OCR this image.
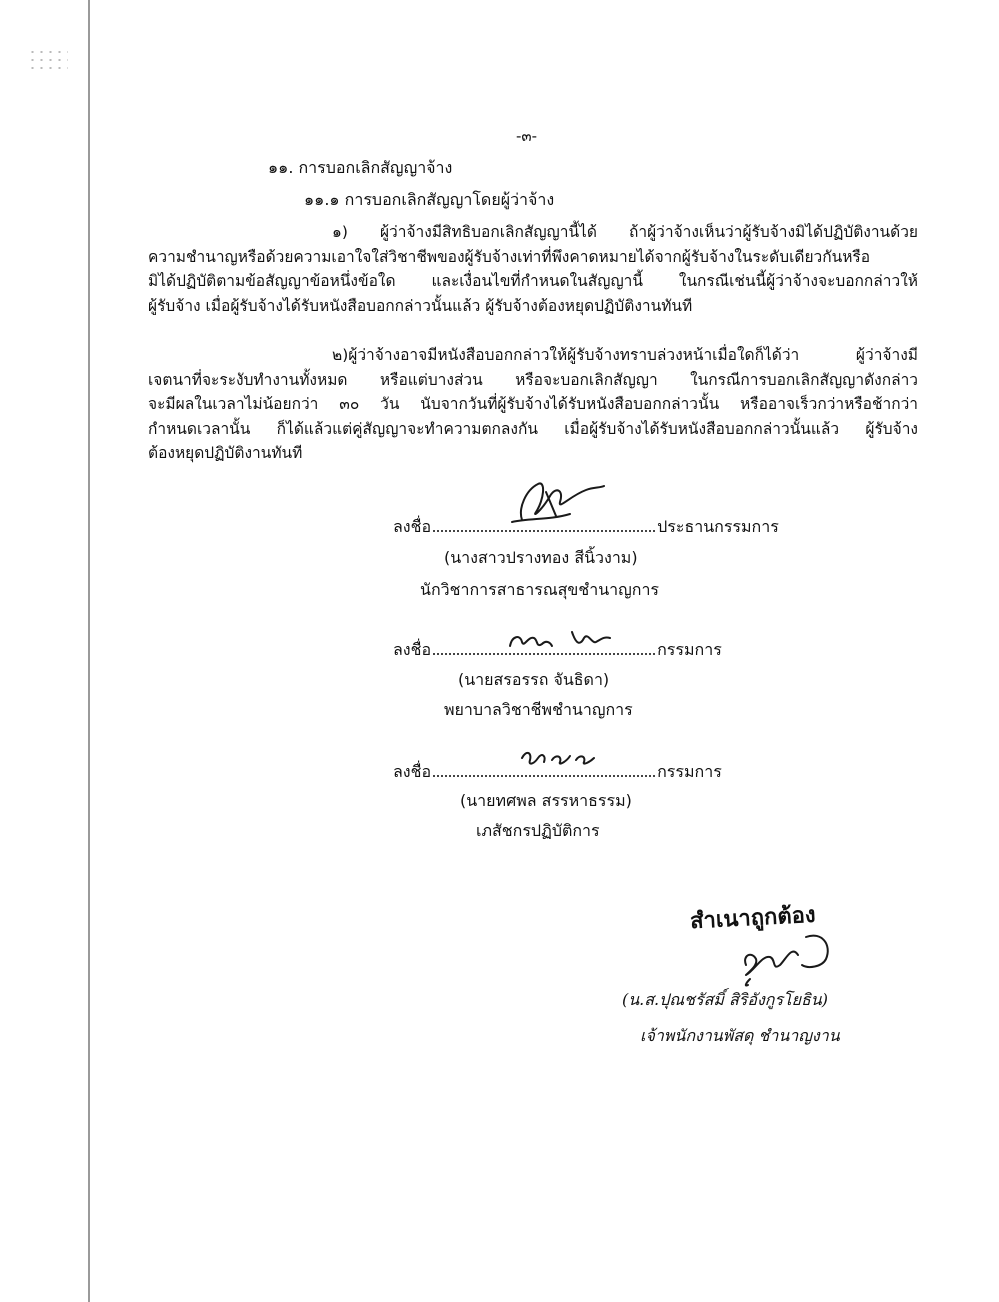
-๓-
๑๑. การบอกเลิกสัญญาจ้าง
๑๑.๑ การบอกเลิกสัญญาโดยผู้ว่าจ้าง
๑) ผู้ว่าจ้างมีสิทธิบอกเลิกสัญญานี้ได้ ถ้าผู้ว่าจ้างเห็นว่าผู้รับจ้างมิได้ปฏิบัติงานด้วย
ความชำนาญหรือด้วยความเอาใจใส่วิชาชีพของผู้รับจ้างเท่าที่พึงคาดหมายได้จากผู้รับจ้างในระดับเดียวกันหรือ
มิได้ปฏิบัติตามข้อสัญญาข้อหนึ่งข้อใด และเงื่อนไขที่กำหนดในสัญญานี้ ในกรณีเช่นนี้ผู้ว่าจ้างจะบอกกล่าวให้
ผู้รับจ้าง เมื่อผู้รับจ้างได้รับหนังสือบอกกล่าวนั้นแล้ว ผู้รับจ้างต้องหยุดปฏิบัติงานทันที
๒)ผู้ว่าจ้างอาจมีหนังสือบอกกล่าวให้ผู้รับจ้างทราบล่วงหน้าเมื่อใดก็ได้ว่า ผู้ว่าจ้างมี
เจตนาที่จะระงับทำงานทั้งหมด หรือแต่บางส่วน หรือจะบอกเลิกสัญญา ในกรณีการบอกเลิกสัญญาดังกล่าว
จะมีผลในเวลาไม่น้อยกว่า ๓๐ วัน นับจากวันที่ผู้รับจ้างได้รับหนังสือบอกกล่าวนั้น หรืออาจเร็วกว่าหรือช้ากว่า
กำหนดเวลานั้น ก็ได้แล้วแต่คู่สัญญาจะทำความตกลงกัน เมื่อผู้รับจ้างได้รับหนังสือบอกกล่าวนั้นแล้ว ผู้รับจ้าง
ต้องหยุดปฏิบัติงานทันที
ลงชื่อ	ประธานกรรมการ
(นางสาวปรางทอง สีนิ้วงาม)
นักวิชาการสาธารณสุขชำนาญการ
ลงชื่อ	กรรมการ
(นายสรอรรถ จันธิดา)
พยาบาลวิชาชีพชำนาญการ
ลงชื่อ	กรรมการ
(นายทศพล สรรหาธรรม)
เภสัชกรปฏิบัติการ
สำเนาถูกต้อง
(น.ส.ปุณชรัสมิ์ สิริอังกูรโยธิน)
เจ้าพนักงานพัสดุ ชำนาญงาน
